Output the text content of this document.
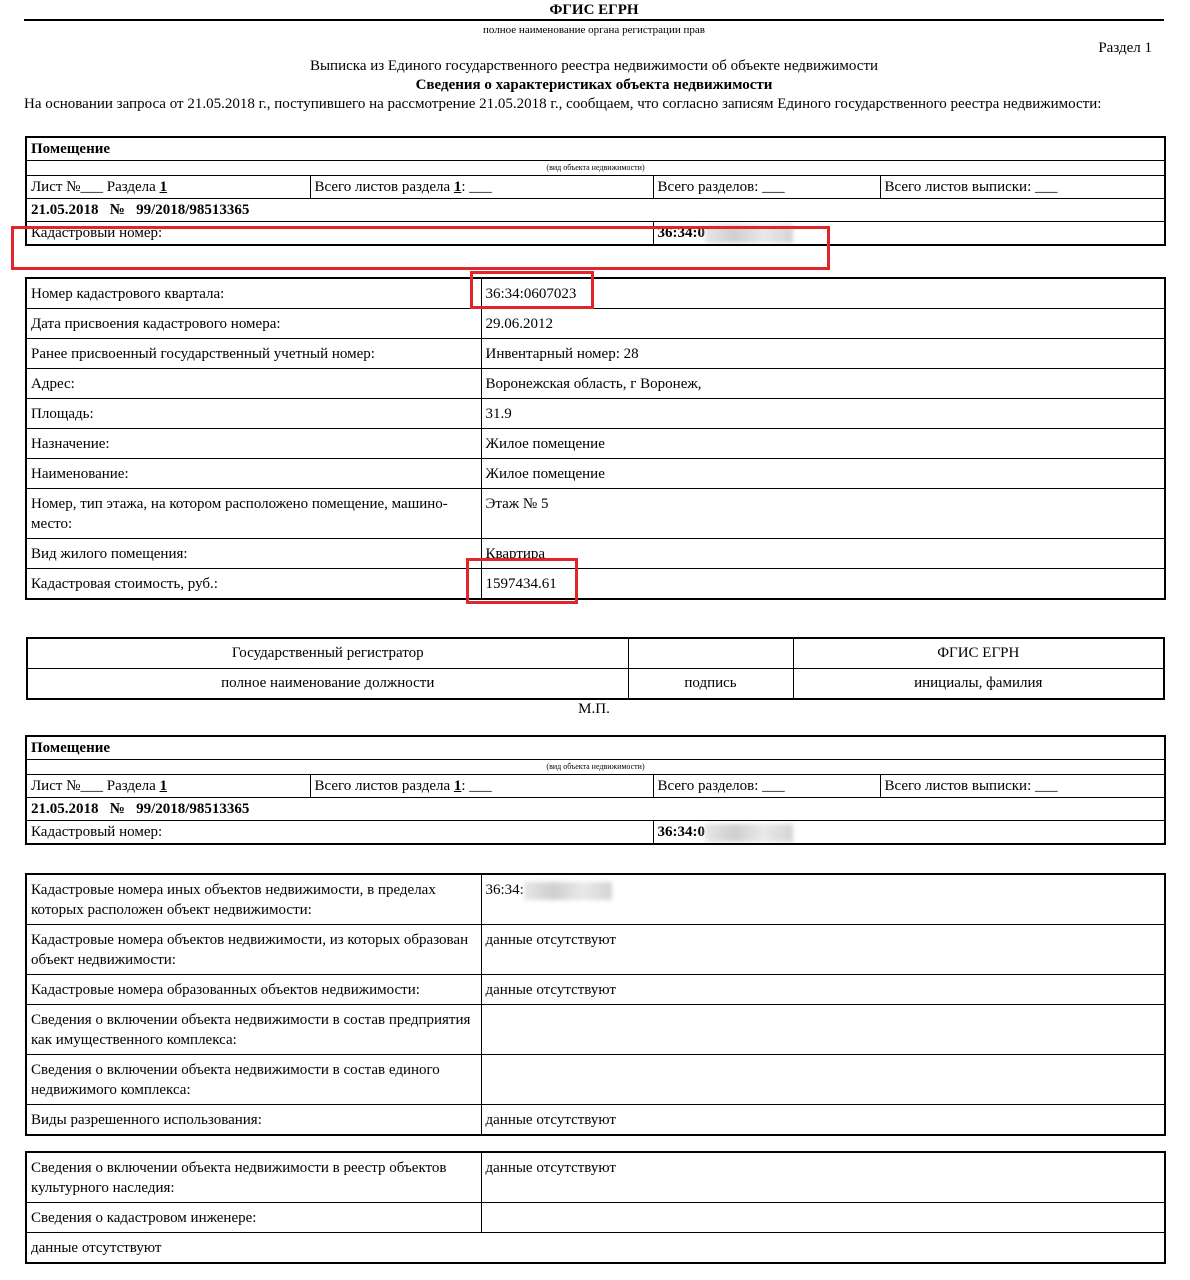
ФГИС ЕГРН
полное наименование органа регистрации прав
Раздел 1
Выписка из Единого государственного реестра недвижимости об объекте недвижимости
Сведения о характеристиках объекта недвижимости
На основании запроса от 21.05.2018 г., поступившего на рассмотрение 21.05.2018 г., сообщаем, что согласно записям Единого государственного реестра недвижимости:
Помещение			
(вид объекта недвижимости)			
Лист №___ Раздела 1	Всего листов раздела 1: ___	Всего разделов: ___	Всего листов выписки: ___
21.05.2018   №   99/2018/98513365			
Кадастровый номер:		36:34:0	
Номер кадастрового квартала:	36:34:0607023
Дата присвоения кадастрового номера:	29.06.2012
Ранее присвоенный государственный учетный номер:	Инвентарный номер: 28
Адрес:	Воронежская область, г Воронеж,
Площадь:	31.9
Назначение:	Жилое помещение
Наименование:	Жилое помещение
Номер, тип этажа, на котором расположено помещение, машино-место:	Этаж № 5
Вид жилого помещения:	Квартира
Кадастровая стоимость, руб.:	1597434.61
Государственный регистратор		ФГИС ЕГРН
полное наименование должности	подпись	инициалы, фамилия
М.П.
Помещение			
(вид объекта недвижимости)			
Лист №___ Раздела 1	Всего листов раздела 1: ___	Всего разделов: ___	Всего листов выписки: ___
21.05.2018   №   99/2018/98513365			
Кадастровый номер:		36:34:0	
Кадастровые номера иных объектов недвижимости, в пределах которых расположен объект недвижимости:	36:34:
Кадастровые номера объектов недвижимости, из которых образован объект недвижимости:	данные отсутствуют
Кадастровые номера образованных объектов недвижимости:	данные отсутствуют
Сведения о включении объекта недвижимости в состав предприятия как имущественного комплекса:	
Сведения о включении объекта недвижимости в состав единого недвижимого комплекса:	
Виды разрешенного использования:	данные отсутствуют
Сведения о включении объекта недвижимости в реестр объектов культурного наследия:	данные отсутствуют
Сведения о кадастровом инженере:	
данные отсутствуют	
